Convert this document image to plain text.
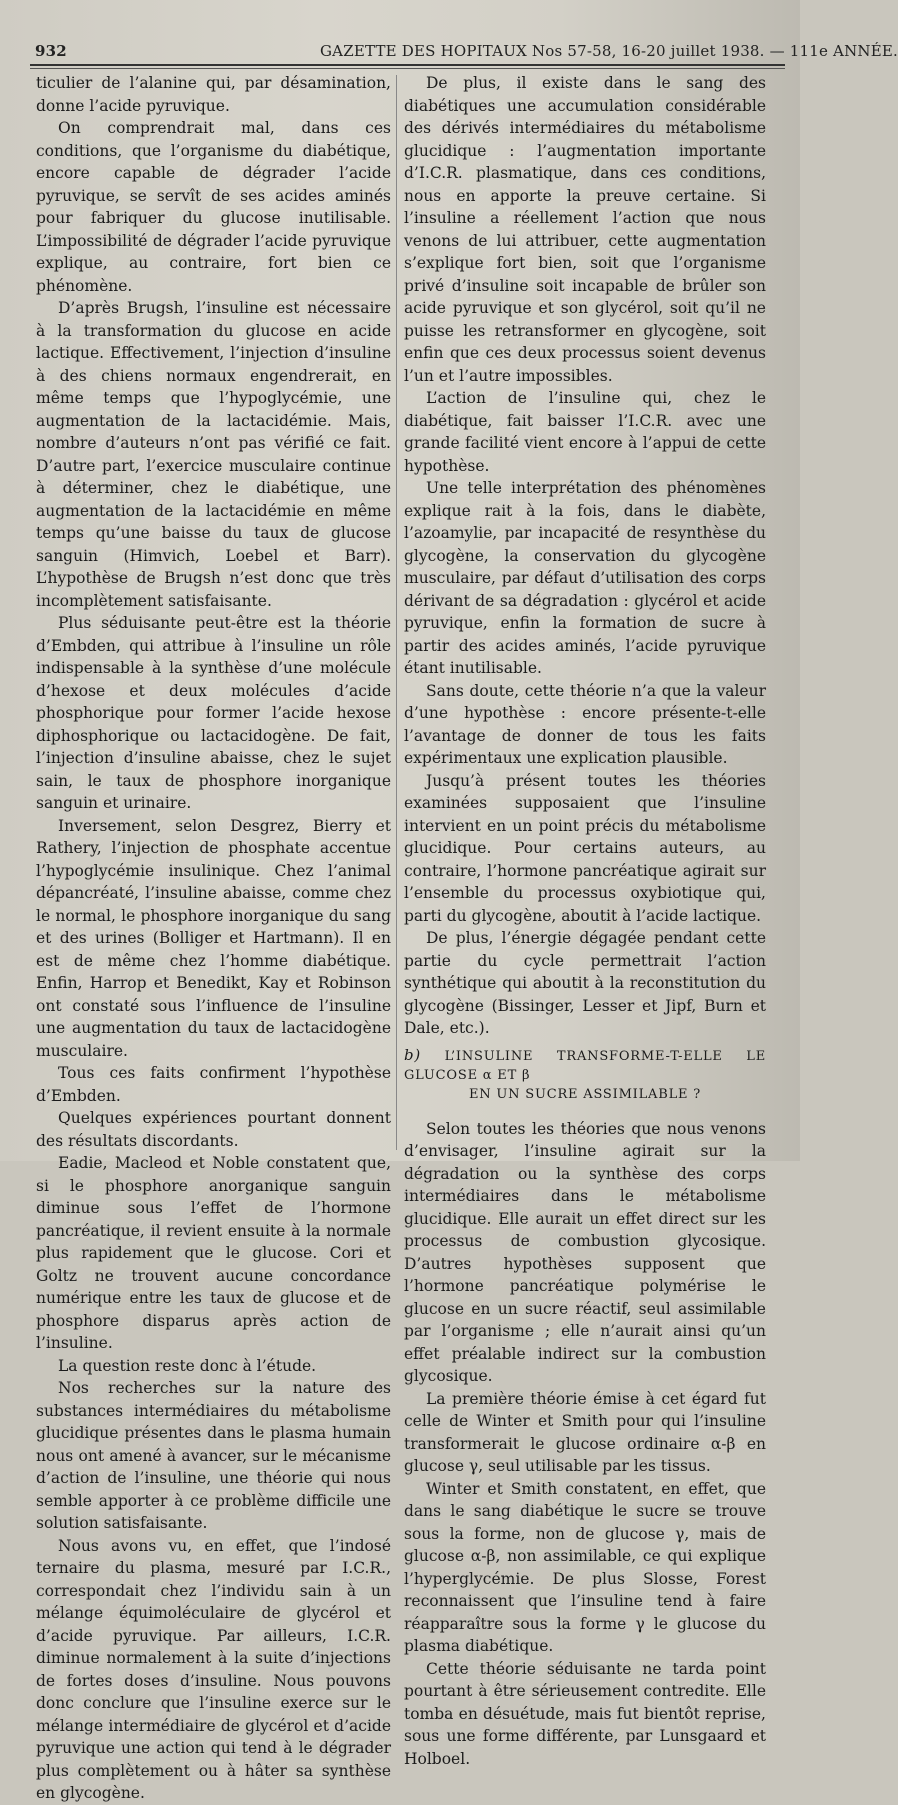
932	GAZETTE DES HOPITAUX Nos 57-58, 16-20 juillet 1938. — 111e ANNÉE.

ticulier de l’alanine qui, par désamination, donne l’acide pyruvique.

On comprendrait mal, dans ces conditions, que l’organisme du diabétique, encore capable de dégrader l’acide pyruvique, se servît de ses acides aminés pour fabriquer du glucose inutilisable. L’impossibilité de dégrader l’acide pyruvique explique, au contraire, fort bien ce phénomène.

D’après Brugsh, l’insuline est nécessaire à la transformation du glucose en acide lactique. Effectivement, l’injection d’insuline à des chiens normaux engendrerait, en même temps que l’hypoglycémie, une augmentation de la lactacidémie. Mais, nombre d’auteurs n’ont pas vérifié ce fait. D’autre part, l’exercice musculaire continue à déterminer, chez le diabétique, une augmentation de la lactacidémie en même temps qu’une baisse du taux de glucose sanguin (Himvich, Loebel et Barr). L’hypothèse de Brugsh n’est donc que très incomplètement satisfaisante.

Plus séduisante peut-être est la théorie d’Embden, qui attribue à l’insuline un rôle indispensable à la synthèse d’une molécule d’hexose et deux molécules d’acide phosphorique pour former l’acide hexose diphosphorique ou lactacidogène. De fait, l’injection d’insuline abaisse, chez le sujet sain, le taux de phosphore inorganique sanguin et urinaire.

Inversement, selon Desgrez, Bierry et Rathery, l’injection de phosphate accentue l’hypoglycémie insulinique. Chez l’animal dépancréaté, l’insuline abaisse, comme chez le normal, le phosphore inorganique du sang et des urines (Bolliger et Hartmann). Il en est de même chez l’homme diabétique. Enfin, Harrop et Benedikt, Kay et Robinson ont constaté sous l’influence de l’insuline une augmentation du taux de lactacidogène musculaire.

Tous ces faits confirment l’hypothèse d’Embden.

Quelques expériences pourtant donnent des résultats discordants.

Eadie, Macleod et Noble constatent que, si le phosphore anorganique sanguin diminue sous l’effet de l’hormone pancréatique, il revient ensuite à la normale plus rapidement que le glucose. Cori et Goltz ne trouvent aucune concordance numérique entre les taux de glucose et de phosphore disparus après action de l’insuline.

La question reste donc à l’étude.

Nos recherches sur la nature des substances intermédiaires du métabolisme glucidique présentes dans le plasma humain nous ont amené à avancer, sur le mécanisme d’action de l’insuline, une théorie qui nous semble apporter à ce problème difficile une solution satisfaisante.

Nous avons vu, en effet, que l’indosé ternaire du plasma, mesuré par I.C.R., correspondait chez l’individu sain à un mélange équimoléculaire de glycérol et d’acide pyruvique. Par ailleurs, I.C.R. diminue normalement à la suite d’injections de fortes doses d’insuline. Nous pouvons donc conclure que l’insuline exerce sur le mélange intermédiaire de glycérol et d’acide pyruvique une action qui tend à le dégrader plus complètement ou à hâter sa synthèse en glycogène.

De plus, il existe dans le sang des diabétiques une accumulation considérable des dérivés intermédiaires du métabolisme glucidique : l’augmentation importante d’I.C.R. plasmatique, dans ces conditions, nous en apporte la preuve certaine. Si l’insuline a réellement l’action que nous venons de lui attribuer, cette augmentation s’explique fort bien, soit que l’organisme privé d’insuline soit incapable de brûler son acide pyruvique et son glycérol, soit qu’il ne puisse les retransformer en glycogène, soit enfin que ces deux processus soient devenus l’un et l’autre impossibles.

L’action de l’insuline qui, chez le diabétique, fait baisser l’I.C.R. avec une grande facilité vient encore à l’appui de cette hypothèse.

Une telle interprétation des phénomènes explique rait à la fois, dans le diabète, l’azoamylie, par incapacité de resynthèse du glycogène, la conservation du glycogène musculaire, par défaut d’utilisation des corps dérivant de sa dégradation : glycérol et acide pyruvique, enfin la formation de sucre à partir des acides aminés, l’acide pyruvique étant inutilisable.

Sans doute, cette théorie n’a que la valeur d’une hypothèse : encore présente-t-elle l’avantage de donner de tous les faits expérimentaux une explication plausible.

Jusqu’à présent toutes les théories examinées supposaient que l’insuline intervient en un point précis du métabolisme glucidique. Pour certains auteurs, au contraire, l’hormone pancréatique agirait sur l’ensemble du processus oxybiotique qui, parti du glycogène, aboutit à l’acide lactique.

De plus, l’énergie dégagée pendant cette partie du cycle permettrait l’action synthétique qui aboutit à la reconstitution du glycogène (Bissinger, Lesser et Jipf, Burn et Dale, etc.).

b) L’INSULINE TRANSFORME-T-ELLE LE GLUCOSE α ET β
EN UN SUCRE ASSIMILABLE ?

Selon toutes les théories que nous venons d’envisager, l’insuline agirait sur la dégradation ou la synthèse des corps intermédiaires dans le métabolisme glucidique. Elle aurait un effet direct sur les processus de combustion glycosique. D’autres hypothèses supposent que l’hormone pancréatique polymérise le glucose en un sucre réactif, seul assimilable par l’organisme ; elle n’aurait ainsi qu’un effet préalable indirect sur la combustion glycosique.

La première théorie émise à cet égard fut celle de Winter et Smith pour qui l’insuline transformerait le glucose ordinaire α-β en glucose γ, seul utilisable par les tissus.

Winter et Smith constatent, en effet, que dans le sang diabétique le sucre se trouve sous la forme, non de glucose γ, mais de glucose α-β, non assimilable, ce qui explique l’hyperglycémie. De plus Slosse, Forest reconnaissent que l’insuline tend à faire réapparaître sous la forme γ le glucose du plasma diabétique.

Cette théorie séduisante ne tarda point pourtant à être sérieusement contredite. Elle tomba en désuétude, mais fut bientôt reprise, sous une forme différente, par Lunsgaard et Holboel.
